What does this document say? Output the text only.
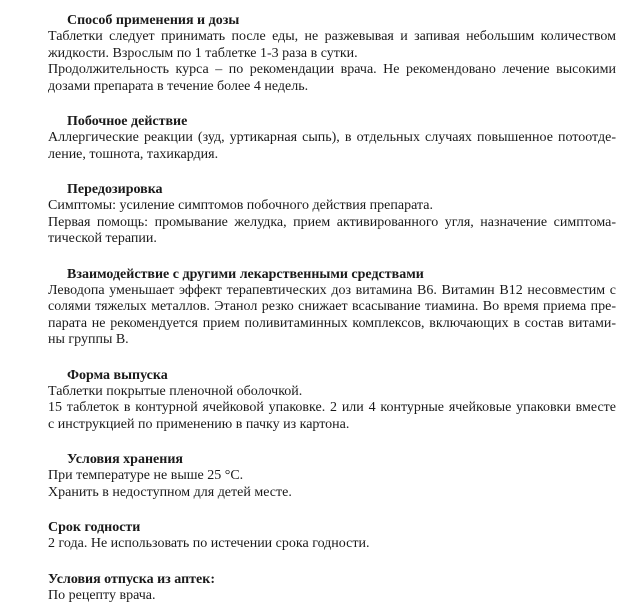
Способ применения и дозы

Таблетки следует принимать после еды, не разжевывая и запивая небольшим количеством

жидкости. Взрослым по 1 таблетке 1-3 раза в сутки.

Продолжительность курса – по рекомендации врача. Не рекомендовано лечение высокими

дозами препарата в течение более 4 недель.

Побочное действие

Аллергические реакции (зуд, уртикарная сыпь), в отдельных случаях повышенное потоотде-

ление, тошнота, тахикардия.

Передозировка

Симптомы: усиление симптомов побочного действия препарата.

Первая помощь: промывание желудка, прием активированного угля, назначение симптома-

тической терапии.

Взаимодействие с другими лекарственными средствами

Леводопа уменьшает эффект терапевтических доз витамина В6. Витамин В12 несовместим с

солями тяжелых металлов. Этанол резко снижает всасывание тиамина. Во время приема пре-

парата не рекомендуется прием поливитаминных комплексов, включающих в состав витами-

ны группы В.

Форма выпуска

Таблетки покрытые пленочной оболочкой.

15 таблеток в контурной ячейковой упаковке. 2 или 4 контурные ячейковые упаковки вместе

с инструкцией по применению в пачку из картона.

Условия хранения

При температуре не выше 25 °С.

Хранить в недоступном для детей месте.

Срок годности

2 года. Не использовать по истечении срока годности.

Условия отпуска из аптек:

По рецепту врача.
